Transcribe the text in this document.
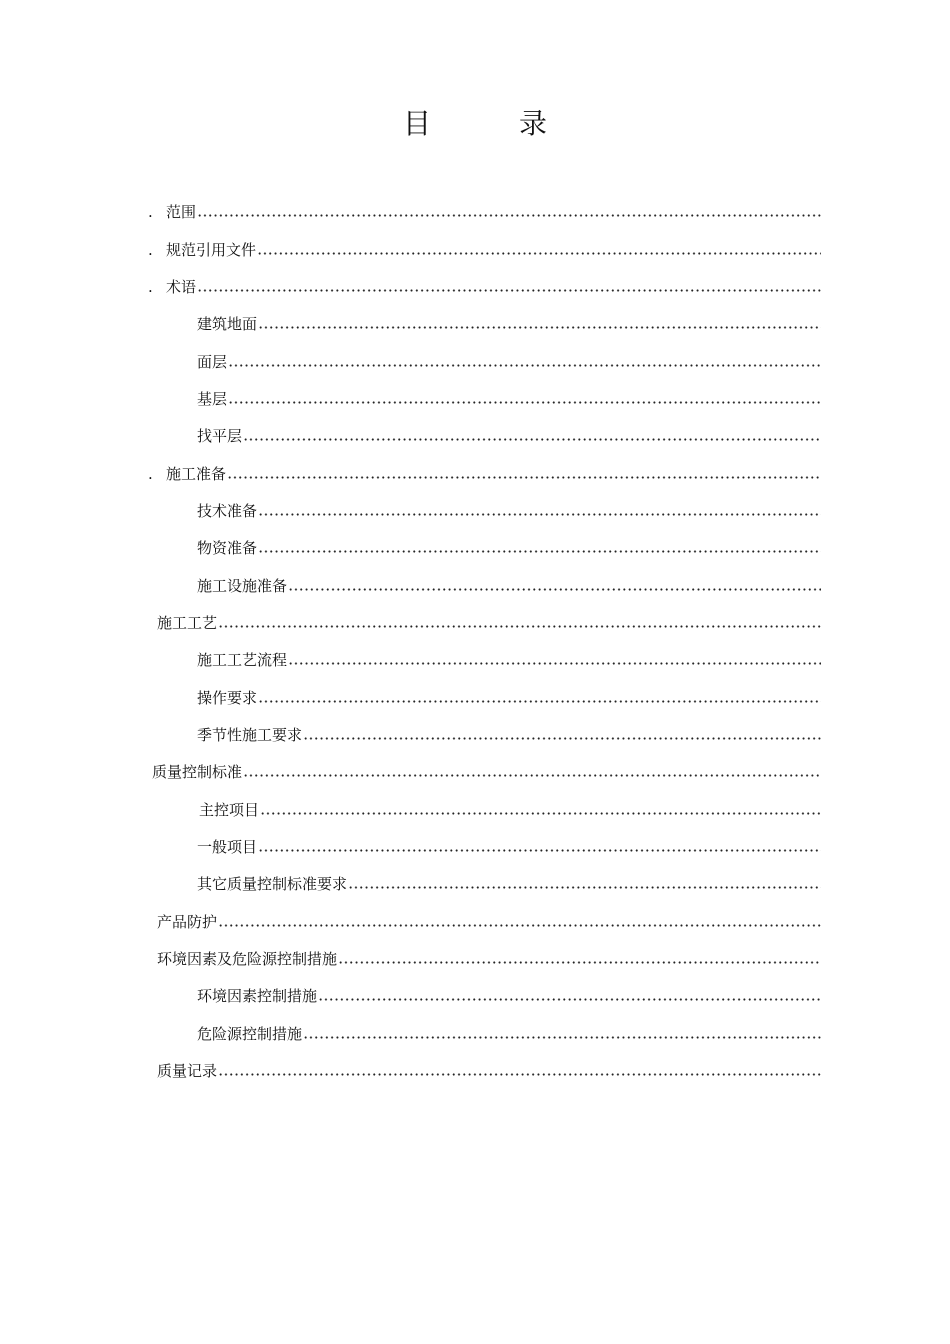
目　录
. 范围
. 规范引用文件
. 术语
建筑地面
面层
基层
找平层
. 施工准备
技术准备
物资准备
施工设施准备
施工工艺
施工工艺流程
操作要求
季节性施工要求
质量控制标准
主控项目
一般项目
其它质量控制标准要求
产品防护
环境因素及危险源控制措施
环境因素控制措施
危险源控制措施
质量记录
